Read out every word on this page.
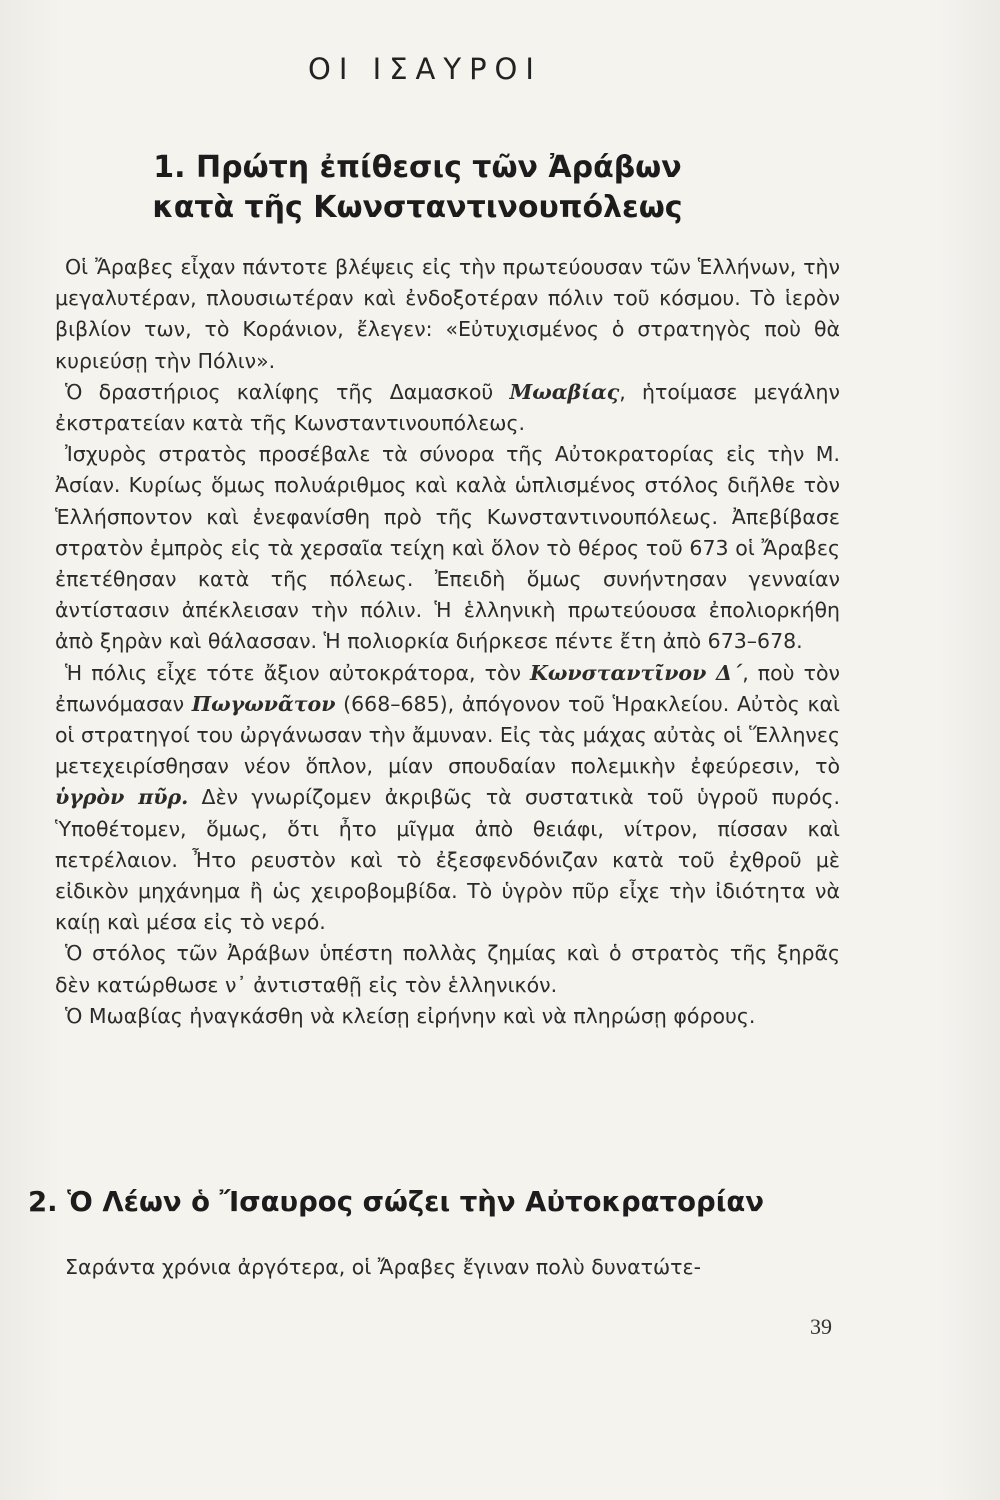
ΟΙ ΙΣΑΥΡΟΙ
1. Πρώτη ἐπίθεσις τῶν Ἀράβων
κατὰ τῆς Κωνσταντινουπόλεως

Οἱ Ἄραβες εἶχαν πάντοτε βλέψεις εἰς τὴν πρωτεύουσαν τῶν Ἑλλήνων, τὴν μεγαλυτέραν, πλουσιωτέραν καὶ ἐνδοξοτέραν πόλιν τοῦ κόσμου. Τὸ ἱερὸν βιβλίον των, τὸ Κοράνιον, ἔλεγεν: «Εὐτυχισμένος ὁ στρατηγὸς ποὺ θὰ κυριεύσῃ τὴν Πόλιν».

Ὁ δραστήριος καλίφης τῆς Δαμασκοῦ Μωαβίας, ἡτοίμασε μεγάλην ἐκστρατείαν κατὰ τῆς Κωνσταντινουπόλεως.

Ἰσχυρὸς στρατὸς προσέβαλε τὰ σύνορα τῆς Αὐτοκρατορίας εἰς τὴν Μ. Ἀσίαν. Κυρίως ὅμως πολυάριθμος καὶ καλὰ ὡπλισμένος στόλος διῆλθε τὸν Ἑλλήσποντον καὶ ἐνεφανίσθη πρὸ τῆς Κωνσταντινουπόλεως. Ἀπεβίβασε στρατὸν ἐμπρὸς εἰς τὰ χερσαῖα τείχη καὶ ὅλον τὸ θέρος τοῦ 673 οἱ Ἄραβες ἐπετέθησαν κατὰ τῆς πόλεως. Ἐπειδὴ ὅμως συνήντησαν γενναίαν ἀντίστασιν ἀπέκλεισαν τὴν πόλιν. Ἡ ἑλληνικὴ πρωτεύουσα ἐπολιορκήθη ἀπὸ ξηρὰν καὶ θάλασσαν. Ἡ πολιορκία διήρκεσε πέντε ἔτη ἀπὸ 673–678.

Ἡ πόλις εἶχε τότε ἄξιον αὐτοκράτορα, τὸν Κωνσταντῖνον Δ΄, ποὺ τὸν ἐπωνόμασαν Πωγωνᾶτον (668–685), ἀπόγονον τοῦ Ἡρακλείου. Αὐτὸς καὶ οἱ στρατηγοί του ὠργάνωσαν τὴν ἄμυναν. Εἰς τὰς μάχας αὐτὰς οἱ Ἕλληνες μετεχειρίσθησαν νέον ὅπλον, μίαν σπουδαίαν πολεμικὴν ἐφεύρεσιν, τὸ ὑγρὸν πῦρ. Δὲν γνωρίζομεν ἀκριβῶς τὰ συστατικὰ τοῦ ὑγροῦ πυρός. Ὑποθέτομεν, ὅμως, ὅτι ἦτο μῖγμα ἀπὸ θειάφι, νίτρον, πίσσαν καὶ πετρέλαιον. Ἦτο ρευστὸν καὶ τὸ ἐξεσφενδόνιζαν κατὰ τοῦ ἐχθροῦ μὲ εἰδικὸν μηχάνημα ἢ ὡς χειροβομβίδα. Τὸ ὑγρὸν πῦρ εἶχε τὴν ἰδιότητα νὰ καίῃ καὶ μέσα εἰς τὸ νερό.

Ὁ στόλος τῶν Ἀράβων ὑπέστη πολλὰς ζημίας καὶ ὁ στρατὸς τῆς ξηρᾶς δὲν κατώρθωσε ν᾽ ἀντισταθῇ εἰς τὸν ἑλληνικόν.

Ὁ Μωαβίας ἠναγκάσθη νὰ κλείσῃ εἰρήνην καὶ νὰ πληρώσῃ φόρους.

2. Ὁ Λέων ὁ Ἴσαυρος σώζει τὴν Αὐτοκρατορίαν

Σαράντα χρόνια ἀργότερα, οἱ Ἄραβες ἔγιναν πολὺ δυνατώτε-

39
